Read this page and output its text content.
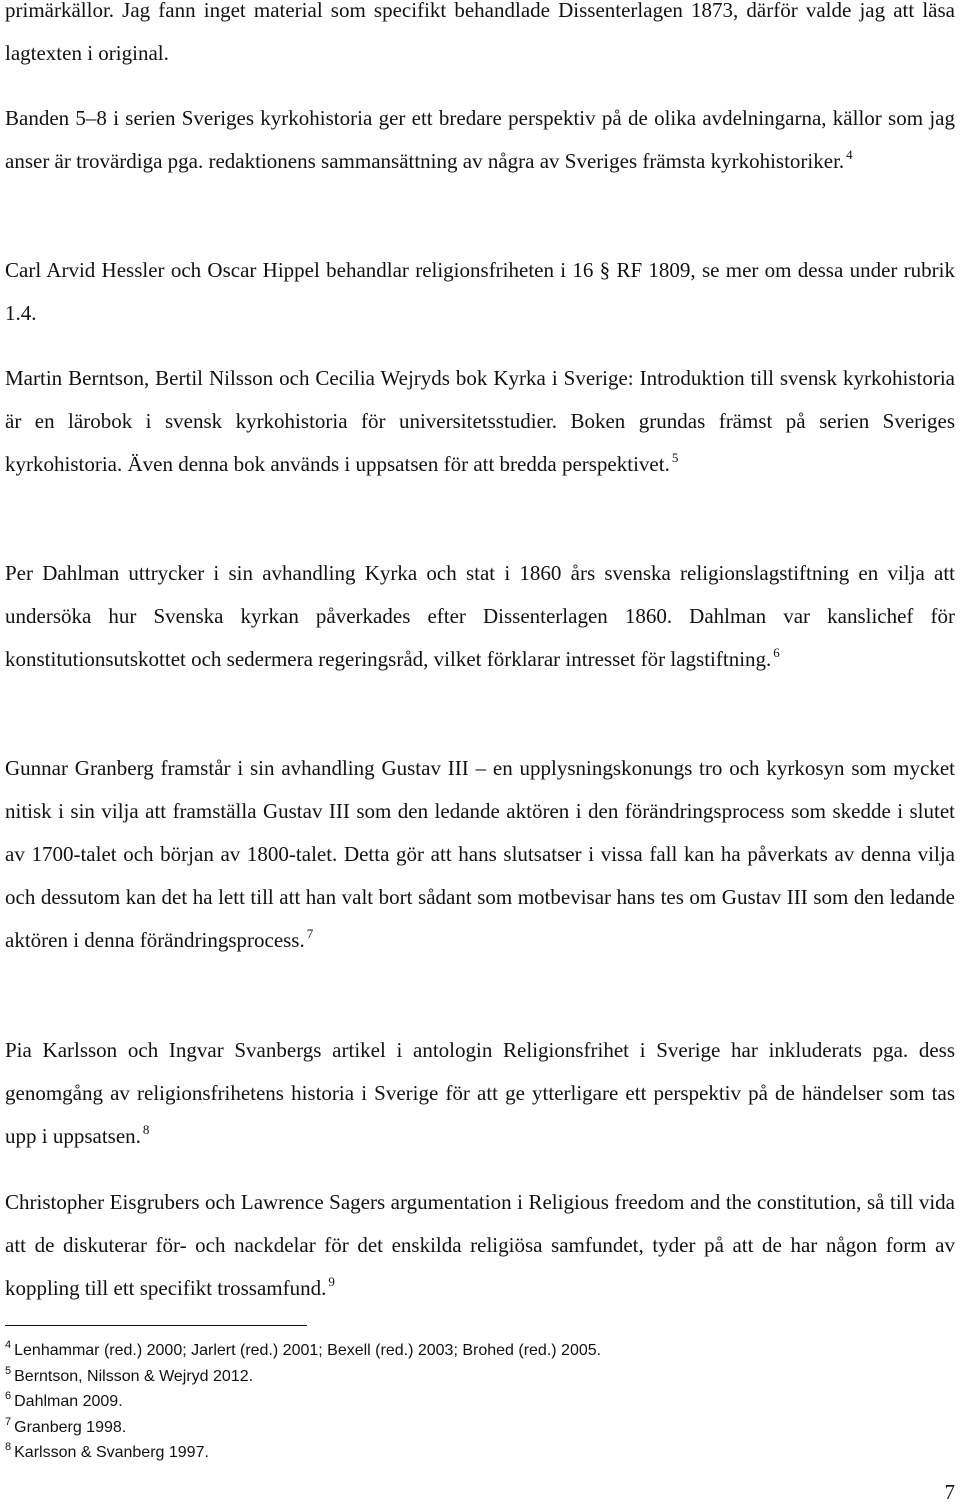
primärkällor. Jag fann inget material som specifikt behandlade Dissenterlagen 1873, därför valde jag att läsa lagtexten i original.

Banden 5–8 i serien Sveriges kyrkohistoria ger ett bredare perspektiv på de olika avdelningarna, källor som jag anser är trovärdiga pga. redaktionens sammansättning av några av Sveriges främsta kyrkohistoriker. $^4$

Carl Arvid Hessler och Oscar Hippel behandlar religionsfriheten i 16 § RF 1809, se mer om dessa under rubrik 1.4.

Martin Berntson, Bertil Nilsson och Cecilia Wejryds bok Kyrka i Sverige: Introduktion till svensk kyrkohistoria är en lärobok i svensk kyrkohistoria för universitetsstudier. Boken grundas främst på serien Sveriges kyrkohistoria. Även denna bok används i uppsatsen för att bredda perspektivet. $^5$

Per Dahlman uttrycker i sin avhandling Kyrka och stat i 1860 års svenska religionslagstiftning en vilja att undersöka hur Svenska kyrkan påverkades efter Dissenterlagen 1860. Dahlman var kanslichef för konstitutionsutskottet och sedermera regeringsråd, vilket förklarar intresset för lagstiftning. $^6$

Gunnar Granberg framstår i sin avhandling Gustav III – en upplysningskonungs tro och kyrkosyn som mycket nitisk i sin vilja att framställa Gustav III som den ledande aktören i den förändringsprocess som skedde i slutet av 1700-talet och början av 1800-talet. Detta gör att hans slutsatser i vissa fall kan ha påverkats av denna vilja och dessutom kan det ha lett till att han valt bort sådant som motbevisar hans tes om Gustav III som den ledande aktören i denna förändringsprocess. $^7$

Pia Karlsson och Ingvar Svanbergs artikel i antologin Religionsfrihet i Sverige har inkluderats pga. dess genomgång av religionsfrihetens historia i Sverige för att ge ytterligare ett perspektiv på de händelser som tas upp i uppsatsen. $^8$

Christopher Eisgrubers och Lawrence Sagers argumentation i Religious freedom and the constitution, så till vida att de diskuterar för- och nackdelar för det enskilda religiösa samfundet, tyder på att de har någon form av koppling till ett specifikt trossamfund. $^9$

$^4$ Lenhammar (red.) 2000; Jarlert (red.) 2001; Bexell (red.) 2003; Brohed (red.) 2005.
$^5$ Berntson, Nilsson & Wejryd 2012.
$^6$ Dahlman 2009.
$^7$ Granberg 1998.
$^8$ Karlsson & Svanberg 1997.
7
